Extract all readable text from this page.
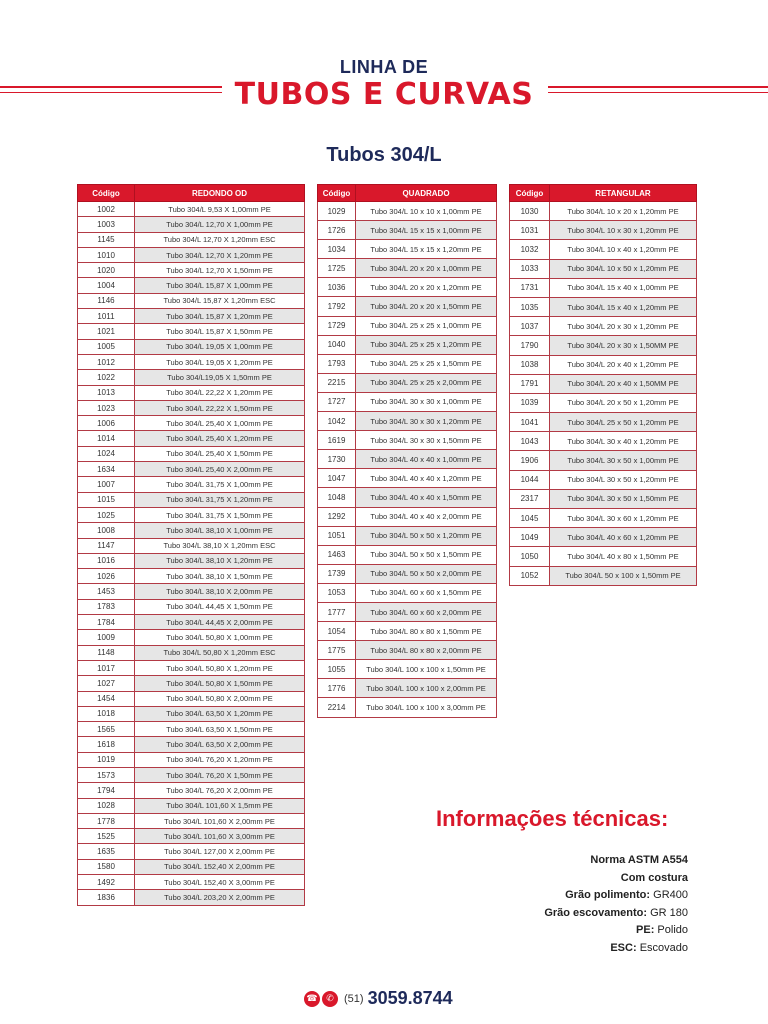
LINHA DE
TUBOS E CURVAS
Tubos 304/L
Código	REDONDO OD
1002	Tubo 304/L 9,53 X 1,00mm PE
1003	Tubo 304/L 12,70 X 1,00mm PE
1145	Tubo 304/L 12,70 X 1,20mm ESC
1010	Tubo 304/L 12,70 X 1,20mm PE
1020	Tubo 304/L 12,70 X 1,50mm PE
1004	Tubo 304/L 15,87 X 1,00mm PE
1146	Tubo 304/L 15,87 X 1,20mm ESC
1011	Tubo 304/L 15,87 X 1,20mm PE
1021	Tubo 304/L 15,87 X 1,50mm PE
1005	Tubo 304/L 19,05 X 1,00mm PE
1012	Tubo 304/L 19,05 X 1,20mm PE
1022	Tubo 304/L19,05 X 1,50mm PE
1013	Tubo 304/L 22,22 X 1,20mm PE
1023	Tubo 304/L 22,22 X 1,50mm PE
1006	Tubo 304/L 25,40 X 1,00mm PE
1014	Tubo 304/L 25,40 X 1,20mm PE
1024	Tubo 304/L 25,40 X 1,50mm PE
1634	Tubo 304/L 25,40 X 2,00mm PE
1007	Tubo 304/L 31,75 X 1,00mm PE
1015	Tubo 304/L 31,75 X 1,20mm PE
1025	Tubo 304/L 31,75 X 1,50mm PE
1008	Tubo 304/L 38,10 X 1,00mm PE
1147	Tubo 304/L 38,10 X 1,20mm ESC
1016	Tubo 304/L 38,10 X 1,20mm PE
1026	Tubo 304/L 38,10 X 1,50mm PE
1453	Tubo 304/L 38,10 X 2,00mm PE
1783	Tubo 304/L 44,45 X 1,50mm PE
1784	Tubo 304/L 44,45 X 2,00mm PE
1009	Tubo 304/L 50,80 X 1,00mm PE
1148	Tubo 304/L 50,80 X 1,20mm ESC
1017	Tubo 304/L 50,80 X 1,20mm PE
1027	Tubo 304/L 50,80 X 1,50mm PE
1454	Tubo 304/L 50,80 X 2,00mm PE
1018	Tubo 304/L 63,50 X 1,20mm PE
1565	Tubo 304/L 63,50 X 1,50mm PE
1618	Tubo 304/L 63,50 X 2,00mm PE
1019	Tubo 304/L 76,20 X 1,20mm PE
1573	Tubo 304/L 76,20 X 1,50mm PE
1794	Tubo 304/L 76,20 X 2,00mm PE
1028	Tubo 304/L 101,60 X 1,5mm PE
1778	Tubo 304/L 101,60 X 2,00mm PE
1525	Tubo 304/L 101,60 X 3,00mm PE
1635	Tubo 304/L 127,00 X 2,00mm PE
1580	Tubo 304/L 152,40 X 2,00mm PE
1492	Tubo 304/L 152,40 X 3,00mm PE
1836	Tubo 304/L 203,20 X 2,00mm PE
Código	QUADRADO
1029	Tubo 304/L 10 x 10 x 1,00mm PE
1726	Tubo 304/L 15 x 15 x 1,00mm PE
1034	Tubo 304/L 15 x 15 x 1,20mm PE
1725	Tubo 304/L 20 x 20 x 1,00mm PE
1036	Tubo 304/L 20 x 20 x 1,20mm PE
1792	Tubo 304/L 20 x 20 x 1,50mm PE
1729	Tubo 304/L 25 x 25 x 1,00mm PE
1040	Tubo 304/L 25 x 25 x 1,20mm PE
1793	Tubo 304/L 25 x 25 x 1,50mm PE
2215	Tubo 304/L 25 x 25 x 2,00mm PE
1727	Tubo 304/L 30 x 30 x 1,00mm PE
1042	Tubo 304/L 30 x 30 x 1,20mm PE
1619	Tubo 304/L 30 x 30 x 1,50mm PE
1730	Tubo 304/L 40 x 40 x 1,00mm PE
1047	Tubo 304/L 40 x 40 x 1,20mm PE
1048	Tubo 304/L 40 x 40 x 1,50mm PE
1292	Tubo 304/L 40 x 40 x 2,00mm PE
1051	Tubo 304/L 50 x 50 x 1,20mm PE
1463	Tubo 304/L 50 x 50 x 1,50mm PE
1739	Tubo 304/L 50 x 50 x 2,00mm PE
1053	Tubo 304/L 60 x 60 x 1,50mm PE
1777	Tubo 304/L 60 x 60 x 2,00mm PE
1054	Tubo 304/L 80 x 80 x 1,50mm PE
1775	Tubo 304/L 80 x 80 x 2,00mm PE
1055	Tubo 304/L 100 x 100 x 1,50mm PE
1776	Tubo 304/L 100 x 100 x 2,00mm PE
2214	Tubo 304/L 100 x 100 x 3,00mm PE
Código	RETANGULAR
1030	Tubo 304/L 10 x 20 x 1,20mm PE
1031	Tubo 304/L 10 x 30 x 1,20mm PE
1032	Tubo 304/L 10 x 40 x 1,20mm PE
1033	Tubo 304/L 10 x 50 x 1,20mm PE
1731	Tubo 304/L 15 x 40 x 1,00mm PE
1035	Tubo 304/L 15 x 40 x 1,20mm PE
1037	Tubo 304/L 20 x 30 x 1,20mm PE
1790	Tubo 304/L 20 x 30 x 1,50MM PE
1038	Tubo 304/L 20 x 40 x 1,20mm PE
1791	Tubo 304/L 20 x 40 x 1,50MM PE
1039	Tubo 304/L 20 x 50 x 1,20mm PE
1041	Tubo 304/L 25 x 50 x 1,20mm PE
1043	Tubo 304/L 30 x 40 x 1,20mm PE
1906	Tubo 304/L 30 x 50 x 1,00mm PE
1044	Tubo 304/L 30 x 50 x 1,20mm PE
2317	Tubo 304/L 30 x 50 x 1,50mm PE
1045	Tubo 304/L 30 x 60 x 1,20mm PE
1049	Tubo 304/L 40 x 60 x 1,20mm PE
1050	Tubo 304/L 40 x 80 x 1,50mm PE
1052	Tubo 304/L 50 x 100 x 1,50mm PE
Informações técnicas:
Norma ASTM A554
Com costura
Grão polimento: GR400
Grão escovamento: GR 180
PE: Polido
ESC: Escovado
☎ ✆ (51) 3059.8744
